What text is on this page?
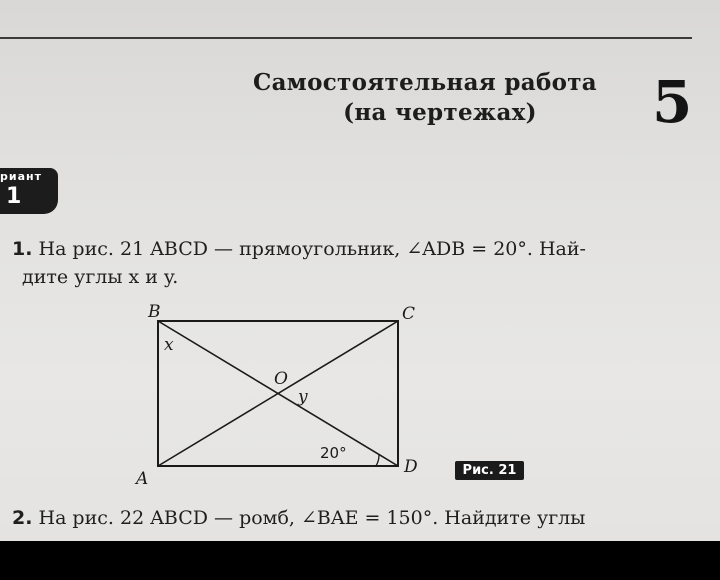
Самостоятельная работа
(на чертежах)	5
риант
1
1. На рис. 21 ABCD — прямоугольник, ∠ADB = 20°. Най-
дите углы x и y.
B	C
A
D
O
x
y
20°
Рис. 21
2. На рис. 22 ABCD — ромб, ∠BAE = 150°. Найдите углы
